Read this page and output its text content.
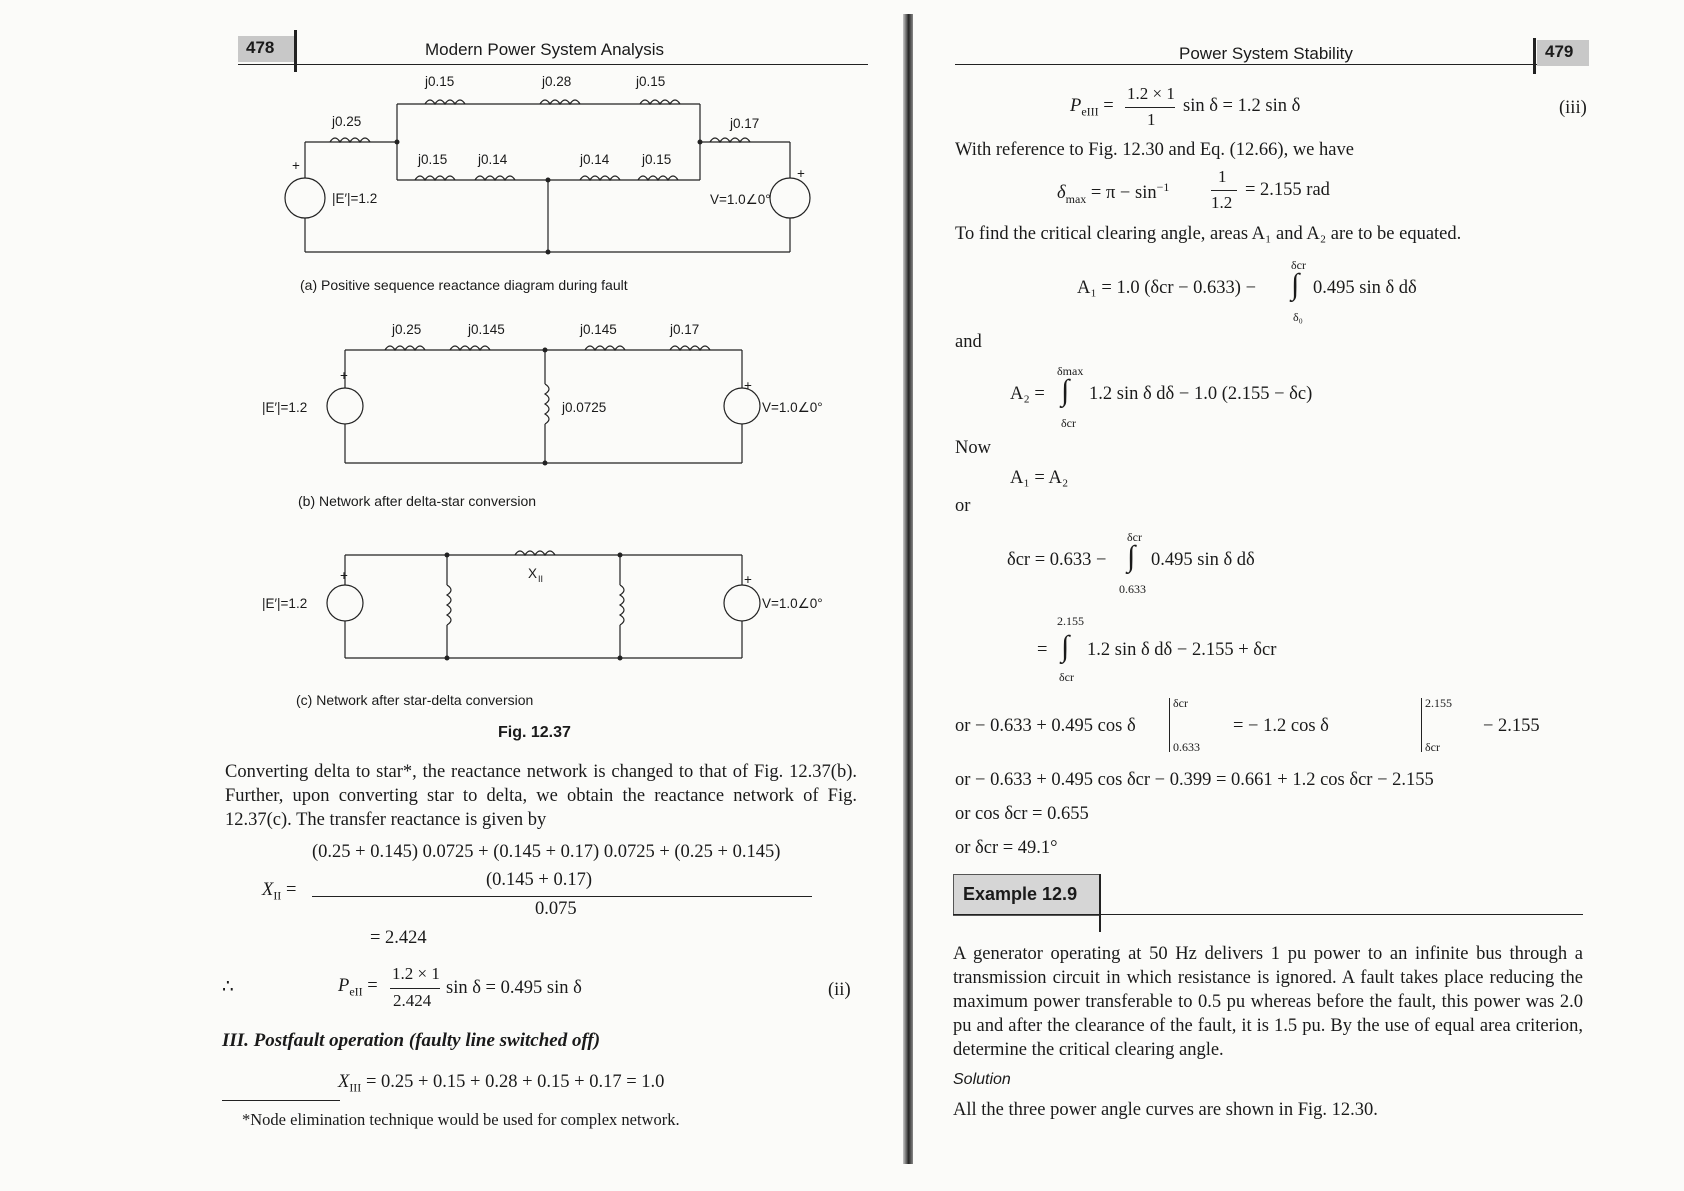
478	Modern Power System Analysis
j0.15	j0.28	j0.15
j0.25	j0.17
j0.15 j0.14	j0.14 j0.15
|E′|=1.2	V=1.0∠0°
+
+
(a) Positive sequence reactance diagram during fault
j0.25	j0.145	j0.145	j0.17
|E′|=1.2	j0.0725	V=1.0∠0°
+
+
(b) Network after delta-star conversion
X II
|E′|=1.2	V=1.0∠0°
+	+
(c) Network after star-delta conversion
Fig. 12.37
Converting delta to star*, the reactance network is changed to that of Fig. 12.37(b). Further, upon converting star to delta, we obtain the reactance network of Fig. 12.37(c). The transfer reactance is given by
(0.25 + 0.145) 0.0725 + (0.145 + 0.17) 0.0725 + (0.25 + 0.145)
$X_{II}$ =	(0.145 + 0.17)
0.075
= 2.424
∴	$P_{eII}$ =
1.2 × 1
2.424
sin δ = 0.495 sin δ	(ii)
III. Postfault operation (faulty line switched off)
$X_{III} = 0.25 + 0.15 + 0.28 + 0.15 + 0.17 = 1.0$
*Node elimination technique would be used for complex network.
Power System Stability	479
$P_{eIII}$ =
1.2 × 1
1
sin δ = 1.2 sin δ	(iii)
With reference to Fig. 12.30 and Eq. (12.66), we have
$\delta_{max} = \pi - \sin^{-1}$
1
1.2
= 2.155 rad
To find the critical clearing angle, areas A₁ and A₂ are to be equated.
A₁ = 1.0 (δcr − 0.633) −
δcr
∫
δ₀
0.495 sin δ dδ
and
A₂ =
δmax
∫
δcr
1.2 sin δ dδ − 1.0 (2.155 − δc)
Now
A₁ = A₂
or
δcr = 0.633 −
δcr
∫
0.633
0.495 sin δ dδ
=
2.155
∫
δcr
1.2 sin δ dδ − 2.155 + δcr
or − 0.633 + 0.495 cos δ
δcr
0.633
= − 1.2 cos δ
2.155
δcr
− 2.155
or − 0.633 + 0.495 cos δcr − 0.399 = 0.661 + 1.2 cos δcr − 2.155
or cos δcr = 0.655
or δcr = 49.1°
Example 12.9
A generator operating at 50 Hz delivers 1 pu power to an infinite bus through a transmission circuit in which resistance is ignored. A fault takes place reducing the maximum power transferable to 0.5 pu whereas before the fault, this power was 2.0 pu and after the clearance of the fault, it is 1.5 pu. By the use of equal area criterion, determine the critical clearing angle.
Solution
All the three power angle curves are shown in Fig. 12.30.
